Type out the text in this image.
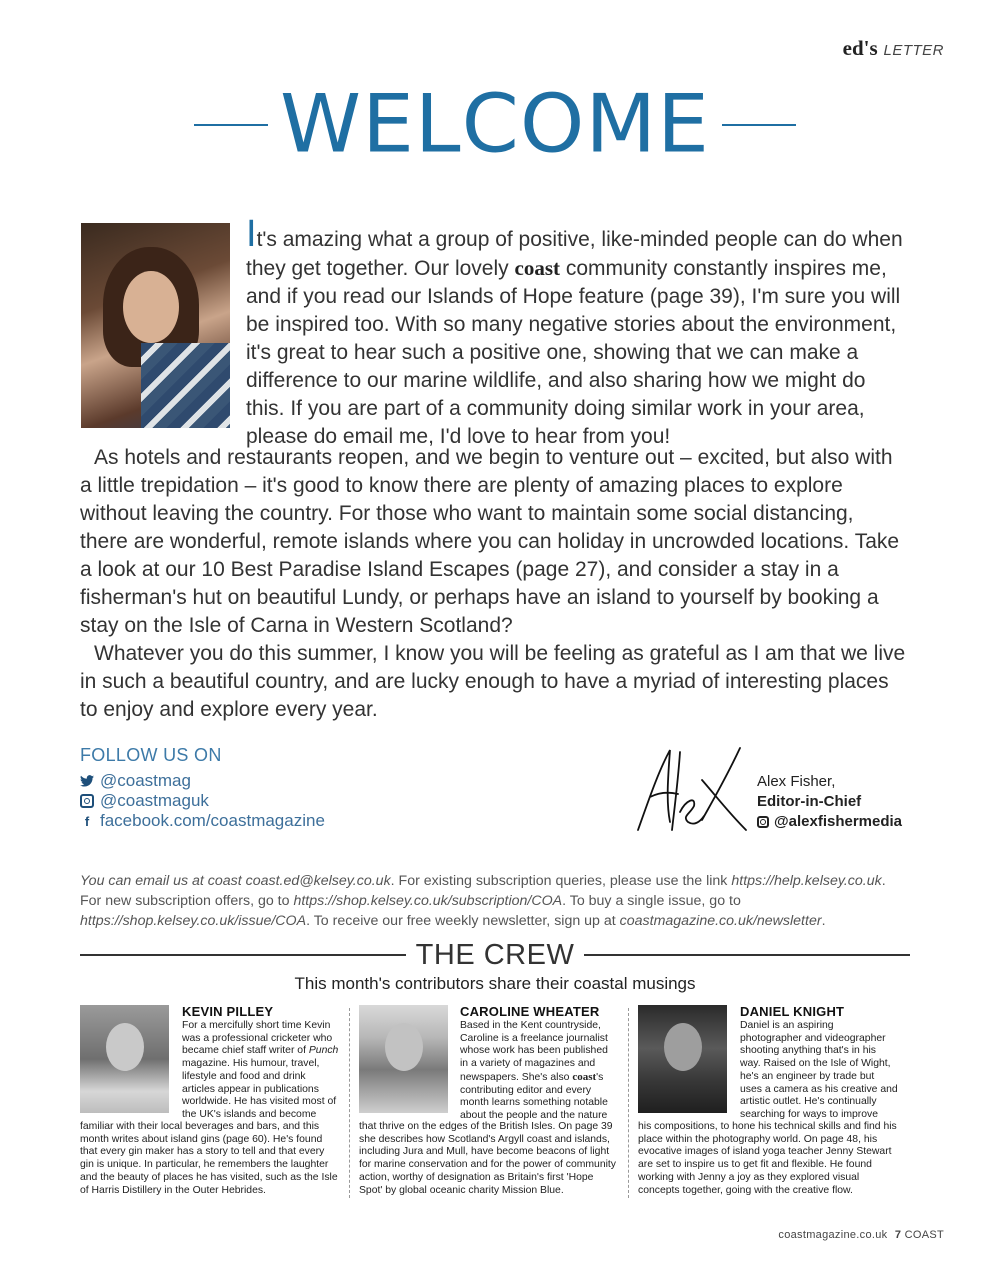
ed's LETTER
WELCOME

It's amazing what a group of positive, like-minded people can do when they get together. Our lovely coast community constantly inspires me, and if you read our Islands of Hope feature (page 39), I'm sure you will be inspired too. With so many negative stories about the environment, it's great to hear such a positive one, showing that we can make a difference to our marine wildlife, and also sharing how we might do this. If you are part of a community doing similar work in your area, please do email me, I'd love to hear from you!

As hotels and restaurants reopen, and we begin to venture out – excited, but also with a little trepidation – it's good to know there are plenty of amazing places to explore without leaving the country. For those who want to maintain some social distancing, there are wonderful, remote islands where you can holiday in uncrowded locations. Take a look at our 10 Best Paradise Island Escapes (page 27), and consider a stay in a fisherman's hut on beautiful Lundy, or perhaps have an island to yourself by booking a stay on the Isle of Carna in Western Scotland?

Whatever you do this summer, I know you will be feeling as grateful as I am that we live in such a beautiful country, and are lucky enough to have a myriad of interesting places to enjoy and explore every year.

FOLLOW US ON
@coastmag
@coastmaguk
f facebook.com/coastmagazine
Alex Fisher,
Editor-in-Chief
@alexfishermedia

You can email us at coast coast.ed@kelsey.co.uk. For existing subscription queries, please use the link https://help.kelsey.co.uk. For new subscription offers, go to https://shop.kelsey.co.uk/subscription/COA. To buy a single issue, go to https://shop.kelsey.co.uk/issue/COA. To receive our free weekly newsletter, sign up at coastmagazine.co.uk/newsletter.

THE CREW
This month's contributors share their coastal musings
KEVIN PILLEY

For a mercifully short time Kevin was a professional cricketer who became chief staff writer of Punch magazine. His humour, travel, lifestyle and food and drink articles appear in publications worldwide. He has visited most of the UK's islands and become

familiar with their local beverages and bars, and this month writes about island gins (page 60). He's found that every gin maker has a story to tell and that every gin is unique. In particular, he remembers the laughter and the beauty of places he has visited, such as the Isle of Harris Distillery in the Outer Hebrides.

CAROLINE WHEATER

Based in the Kent countryside, Caroline is a freelance journalist whose work has been published in a variety of magazines and newspapers. She's also coast's contributing editor and every month learns something notable about the people and the nature

that thrive on the edges of the British Isles. On page 39 she describes how Scotland's Argyll coast and islands, including Jura and Mull, have become beacons of light for marine conservation and for the power of community action, worthy of designation as Britain's first 'Hope Spot' by global oceanic charity Mission Blue.

DANIEL KNIGHT

Daniel is an aspiring photographer and videographer shooting anything that's in his way. Raised on the Isle of Wight, he's an engineer by trade but uses a camera as his creative and artistic outlet. He's continually searching for ways to improve

his compositions, to hone his technical skills and find his place within the photography world. On page 48, his evocative images of island yoga teacher Jenny Stewart are set to inspire us to get fit and flexible. He found working with Jenny a joy as they explored visual concepts together, going with the creative flow.

coastmagazine.co.uk 7 COAST
